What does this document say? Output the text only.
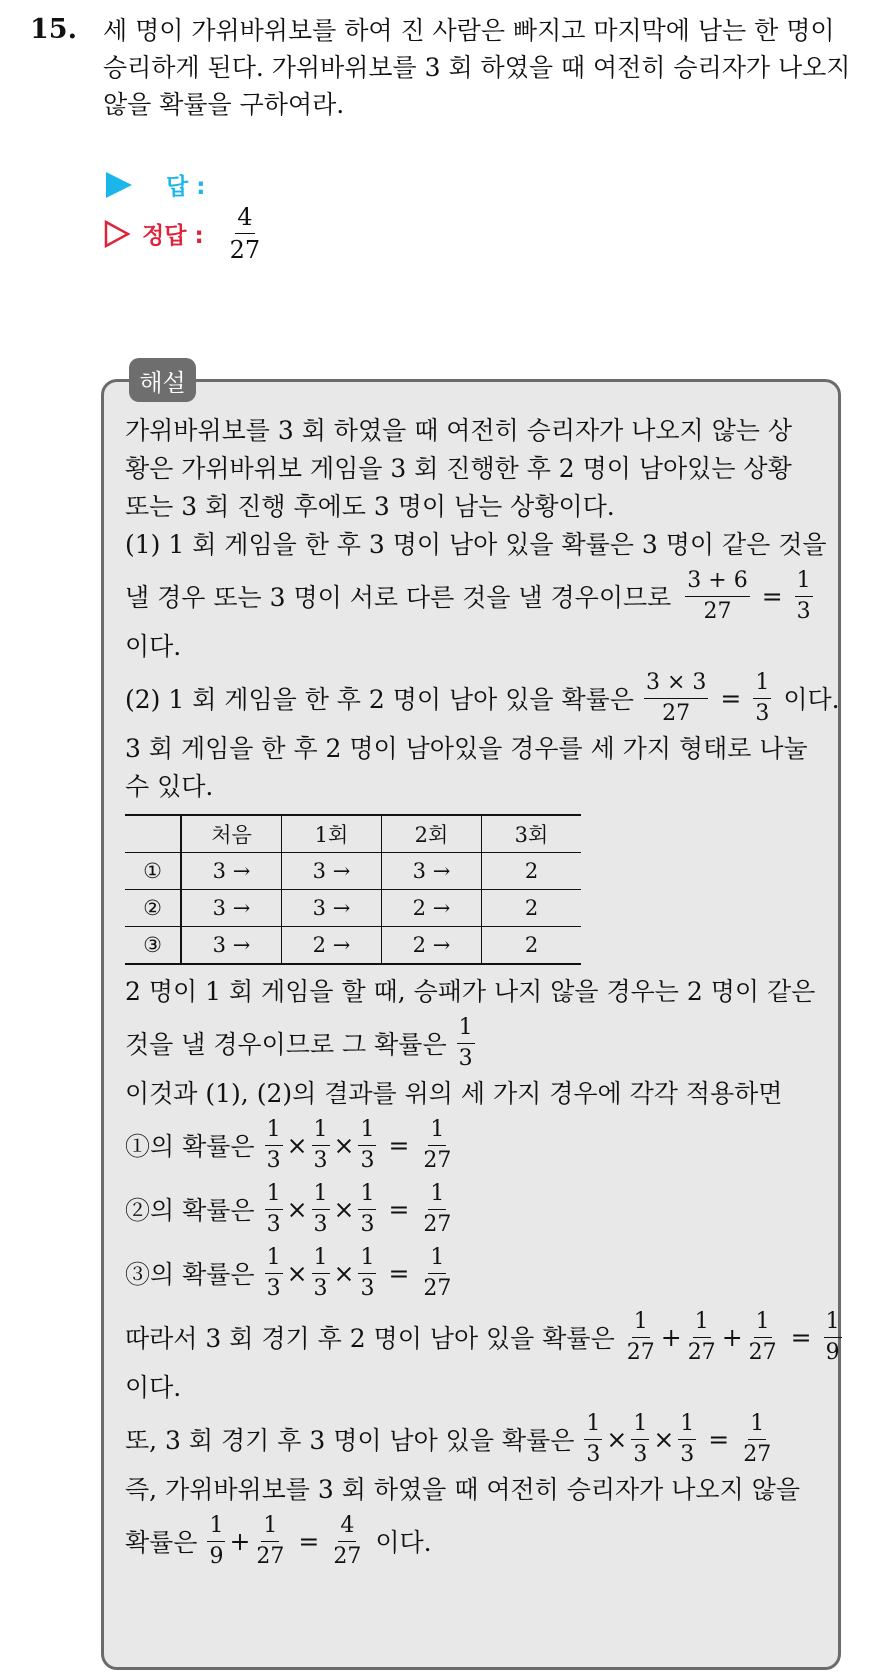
15. 세 명이 가위바위보를 하여 진 사람은 빠지고 마지막에 남는 한 명이
승리하게 된다. 가위바위보를 3 회 하였을 때 여전히 승리자가 나오지
않을 확률을 구하여라.
답 :
정답 : $\frac{4}{27}$
해설
가위바위보를 3 회 하였을 때 여전히 승리자가 나오지 않는 상
황은 가위바위보 게임을 3 회 진행한 후 2 명이 남아있는 상황
또는 3 회 진행 후에도 3 명이 남는 상황이다.
(1) 1 회 게임을 한 후 3 명이 남아 있을 확률은 3 명이 같은 것을
낼 경우 또는 3 명이 서로 다른 것을 낼 경우이므로 $\frac{3 + 6}{27} = \frac{1}{3}$
이다.
(2) 1 회 게임을 한 후 2 명이 남아 있을 확률은 $\frac{3 \times 3}{27} = \frac{1}{3}$ 이다.
3 회 게임을 한 후 2 명이 남아있을 경우를 세 가지 형태로 나눌
수 있다.
	처음	1회	2회	3회
①	3 →	3 →	3 →	2
②	3 →	3 →	2 →	2
③	3 →	2 →	2 →	2
2 명이 1 회 게임을 할 때, 승패가 나지 않을 경우는 2 명이 같은
것을 낼 경우이므로 그 확률은 $\frac{1}{3}$
이것과 (1), (2)의 결과를 위의 세 가지 경우에 각각 적용하면
①의 확률은 $\frac{1}{3} \times \frac{1}{3} \times \frac{1}{3} = \frac{1}{27}$
②의 확률은 $\frac{1}{3} \times \frac{1}{3} \times \frac{1}{3} = \frac{1}{27}$
③의 확률은 $\frac{1}{3} \times \frac{1}{3} \times \frac{1}{3} = \frac{1}{27}$
따라서 3 회 경기 후 2 명이 남아 있을 확률은 $\frac{1}{27} + \frac{1}{27} + \frac{1}{27} = \frac{1}{9}$
이다.
또, 3 회 경기 후 3 명이 남아 있을 확률은 $\frac{1}{3} \times \frac{1}{3} \times \frac{1}{3} = \frac{1}{27}$
즉, 가위바위보를 3 회 하였을 때 여전히 승리자가 나오지 않을
확률은 $\frac{1}{9} + \frac{1}{27} = \frac{4}{27}$ 이다.
